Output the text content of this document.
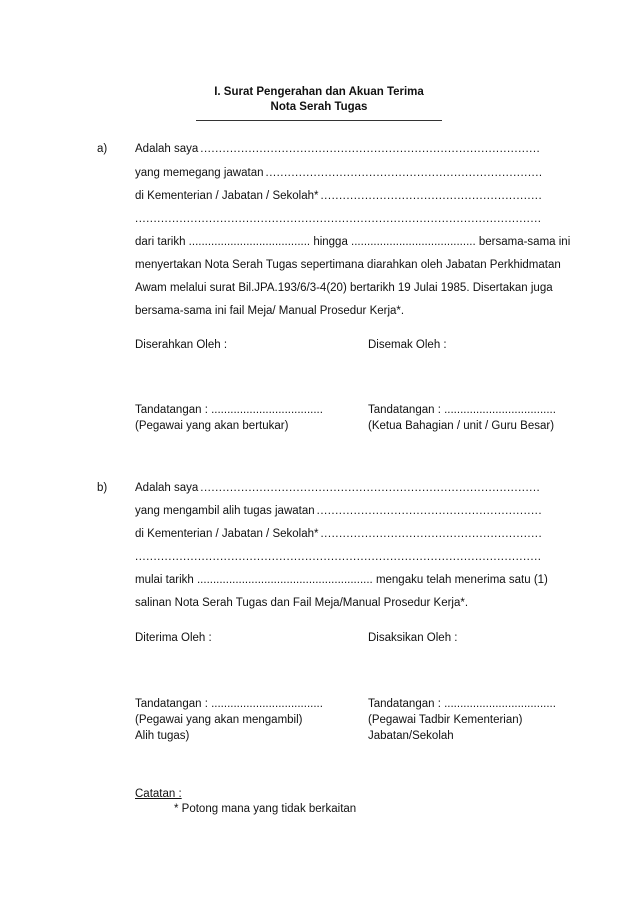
I. Surat Pengerahan dan Akuan Terima
Nota Serah Tugas
a) Adalah saya
.....
yang memegang jawatan
.....
di Kementerian / Jabatan / Sekolah*
.....
.....
dari tarikh ...................................... hingga ....................................... bersama-sama ini
menyertakan Nota Serah Tugas sepertimana diarahkan oleh Jabatan Perkhidmatan
Awam melalui surat Bil.JPA.193/6/3-4(20) bertarikh 19 Julai 1985. Disertakan juga
bersama-sama ini fail Meja/ Manual Prosedur Kerja*.
Diserahkan Oleh :	Disemak Oleh :
Tandatangan : ...................................	Tandatangan : ...................................
(Pegawai yang akan bertukar)	(Ketua Bahagian / unit / Guru Besar)
b) Adalah saya
.....
yang mengambil alih tugas jawatan
.....
di Kementerian / Jabatan / Sekolah*
.....
.....
mulai tarikh ....................................................... mengaku telah menerima satu (1)
salinan Nota Serah Tugas dan Fail Meja/Manual Prosedur Kerja*.
Diterima Oleh :	Disaksikan Oleh :
Tandatangan : ...................................	Tandatangan : ...................................
(Pegawai yang akan mengambil)	(Pegawai Tadbir Kementerian)
Alih tugas)	Jabatan/Sekolah
Catatan :
* Potong mana yang tidak berkaitan
